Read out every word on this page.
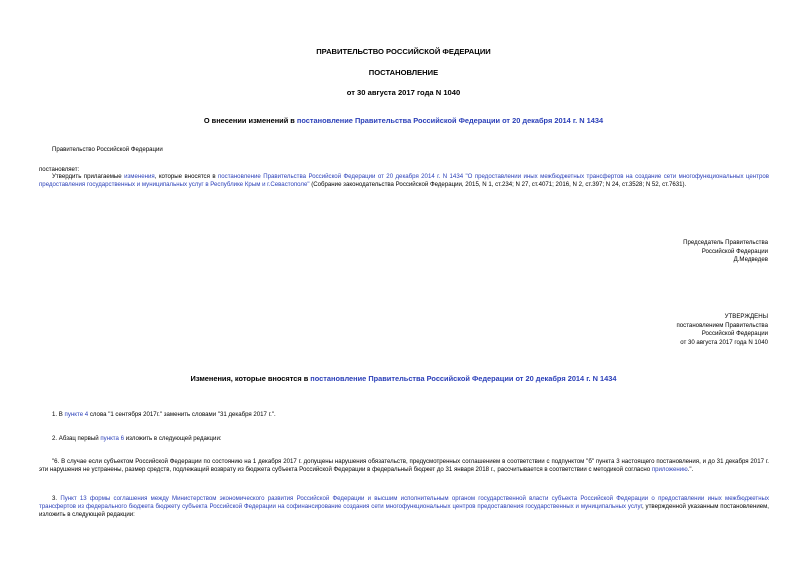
ПРАВИТЕЛЬСТВО РОССИЙСКОЙ ФЕДЕРАЦИИ
ПОСТАНОВЛЕНИЕ
от 30 августа 2017 года N 1040
О внесении изменений в постановление Правительства Российской Федерации от 20 декабря 2014 г. N 1434
Правительство Российской Федерации
постановляет:
Утвердить прилагаемые изменения, которые вносятся в постановление Правительства Российской Федерации от 20 декабря 2014 г. N 1434 "О предоставлении иных межбюджетных трансфертов на создание сети многофункциональных центров предоставления государственных и муниципальных услуг в Республике Крым и г.Севастополе" (Собрание законодательства Российской Федерации, 2015, N 1, ст.234; N 27, ст.4071; 2016, N 2, ст.397; N 24, ст.3528; N 52, ст.7631).
Председатель Правительства
Российской Федерации
Д.Медведев
УТВЕРЖДЕНЫ
постановлением Правительства
Российской Федерации
от 30 августа 2017 года N 1040
Изменения, которые вносятся в постановление Правительства Российской Федерации от 20 декабря 2014 г. N 1434
1. В пункте 4 слова "1 сентября 2017г." заменить словами "31 декабря 2017 г.".
2. Абзац первый пункта 6 изложить в следующей редакции:
"6. В случае если субъектом Российской Федерации по состоянию на 1 декабря 2017 г. допущены нарушения обязательств, предусмотренных соглашением в соответствии с подпунктом "б" пункта 3 настоящего постановления, и до 31 декабря 2017 г. эти нарушения не устранены, размер средств, подлежащий возврату из бюджета субъекта Российской Федерации в федеральный бюджет до 31 января 2018 г., рассчитывается в соответствии с методикой согласно приложению.".
3. Пункт 13 формы соглашения между Министерством экономического развития Российской Федерации и высшим исполнительным органом государственной власти субъекта Российской Федерации о предоставлении иных межбюджетных трансфертов из федерального бюджета бюджету субъекта Российской Федерации на софинансирование создания сети многофункциональных центров предоставления государственных и муниципальных услуг, утвержденной указанным постановлением, изложить в следующей редакции:
